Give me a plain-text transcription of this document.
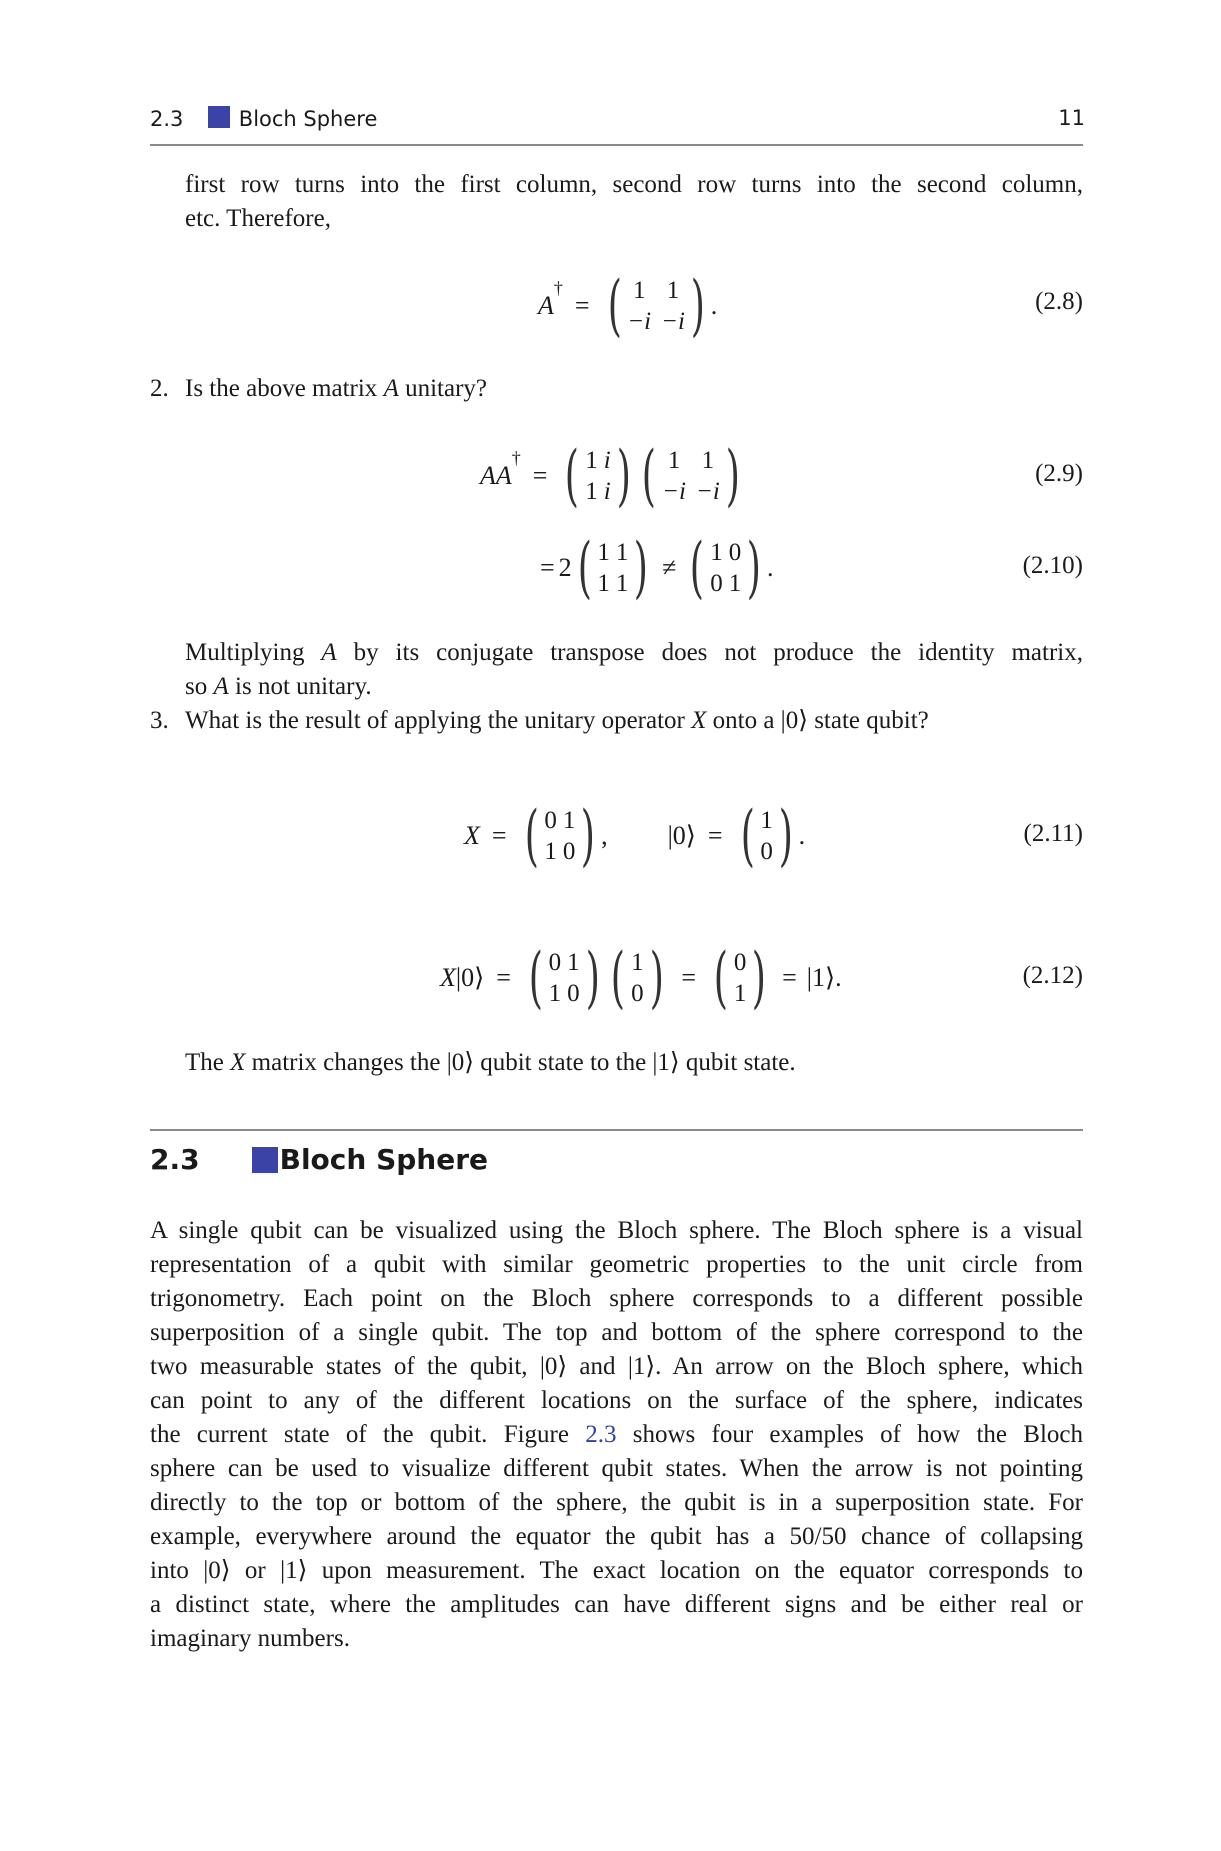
2.3	Bloch Sphere	11
first row turns into the first column, second row turns into the second column,
etc. Therefore,
A
†
= ( 1 1
−i −i ) .	(2.8)
2. Is the above matrix A unitary?
A A
†
= ( 1 i
1 i ) ( 1 1
−i −i )	(2.9)
= 2 ( 1 1
1 1 ) ≠ ( 1 0
0 1 ) .	(2.10)
Multiplying A by its conjugate transpose does not produce the identity matrix,
so A is not unitary.
3. What is the result of applying the unitary operator X onto a |0⟩ state qubit?
X = ( 0 1
1 0 ) , |0⟩ = ( 1
0 ) .	(2.11)
X |0⟩ = ( 0 1
1 0 ) ( 1
0 ) = ( 0
1 ) = |1⟩.	(2.12)
The X matrix changes the |0⟩ qubit state to the |1⟩ qubit state.
2.3	Bloch Sphere
A single qubit can be visualized using the Bloch sphere. The Bloch sphere is a visual
representation of a qubit with similar geometric properties to the unit circle from
trigonometry. Each point on the Bloch sphere corresponds to a different possible
superposition of a single qubit. The top and bottom of the sphere correspond to the
two measurable states of the qubit, |0⟩ and |1⟩. An arrow on the Bloch sphere, which
can point to any of the different locations on the surface of the sphere, indicates
the current state of the qubit. Figure 2.3 shows four examples of how the Bloch
sphere can be used to visualize different qubit states. When the arrow is not pointing
directly to the top or bottom of the sphere, the qubit is in a superposition state. For
example, everywhere around the equator the qubit has a 50/50 chance of collapsing
into |0⟩ or |1⟩ upon measurement. The exact location on the equator corresponds to
a distinct state, where the amplitudes can have different signs and be either real or
imaginary numbers.
